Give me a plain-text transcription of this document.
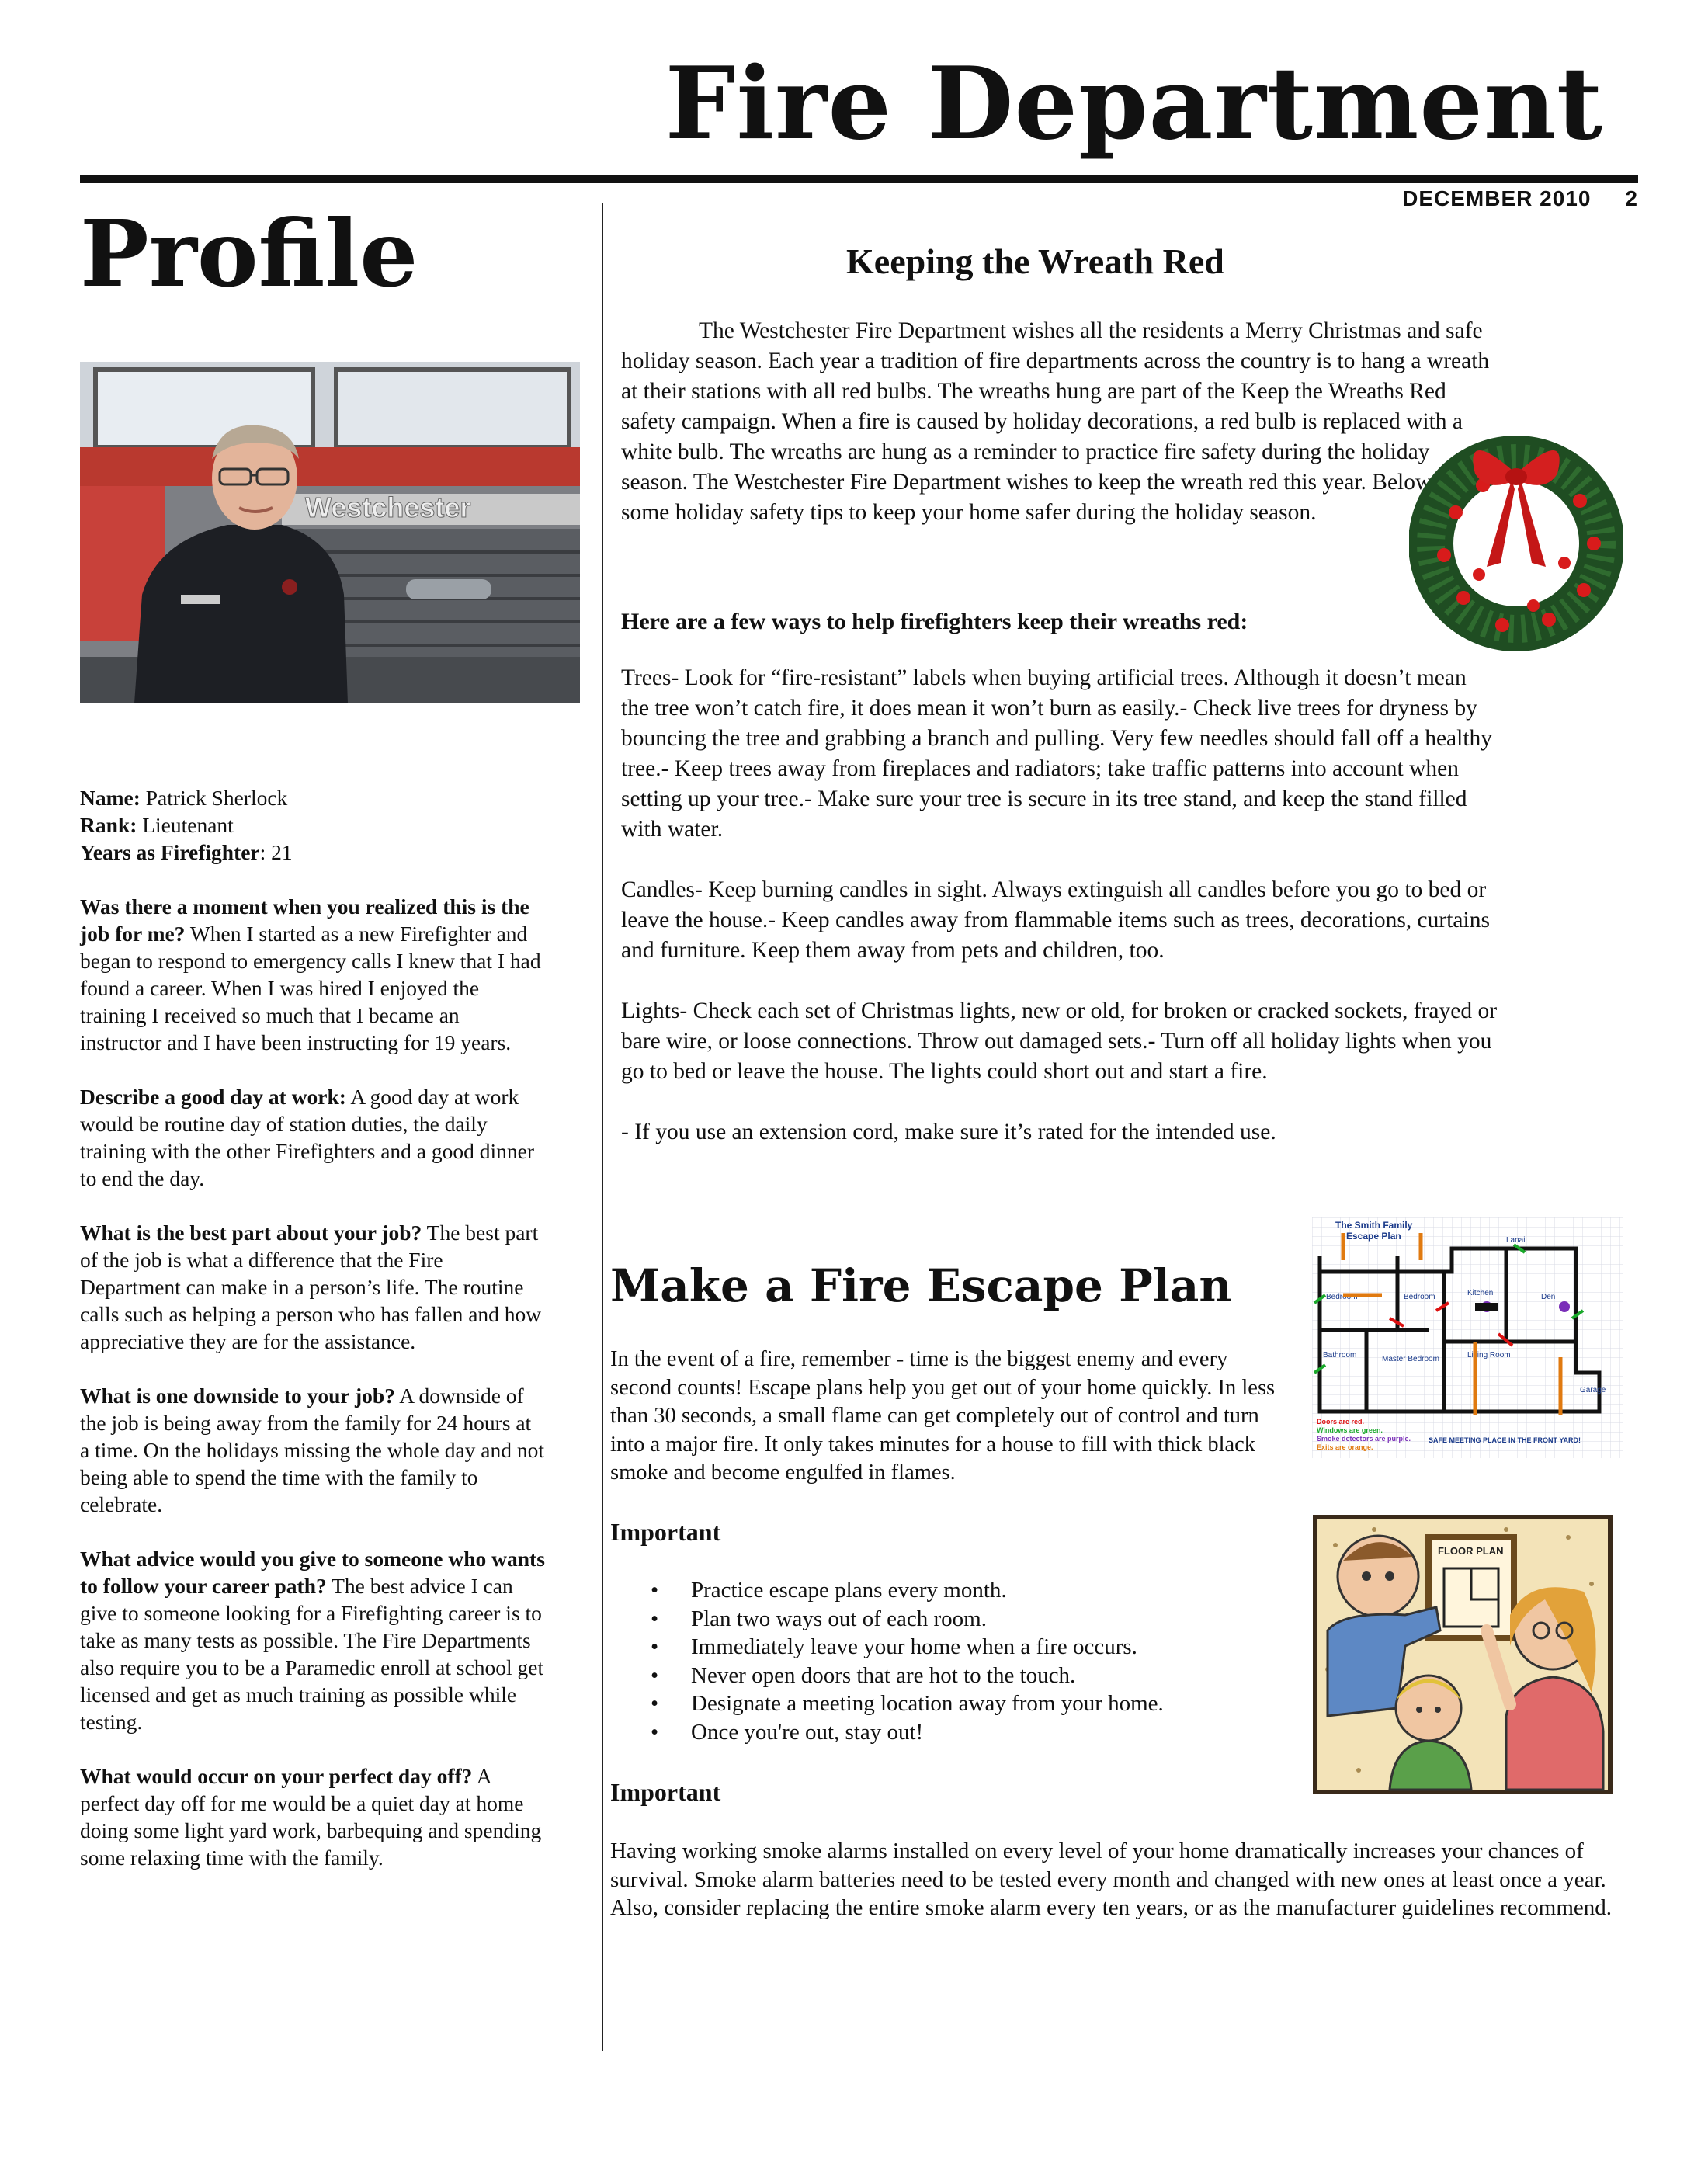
Fire Department
DECEMBER 2010 2
Profile
Westchester

Name: Patrick Sherlock

Rank: Lieutenant

Years as Firefighter: 21

Was there a moment when you realized this is the job for me? When I started as a new Firefighter and began to respond to emergency calls I knew that I had found a career. When I was hired I enjoyed the training I received so much that I became an instructor and I have been instructing for 19 years.

Describe a good day at work: A good day at work would be routine day of station duties, the daily training with the other Firefighters and a good dinner to end the day.

What is the best part about your job? The best part of the job is what a difference that the Fire Department can make in a person’s life. The routine calls such as helping a person who has fallen and how appreciative they are for the assistance.

What is one downside to your job? A downside of the job is being away from the family for 24 hours at a time. On the holidays missing the whole day and not being able to spend the time with the family to celebrate.

What advice would you give to someone who wants to follow your career path? The best advice I can give to someone looking for a Firefighting career is to take as many tests as possible. The Fire Departments also require you to be a Paramedic enroll at school get licensed and get as much training as possible while testing.

What would occur on your perfect day off? A perfect day off for me would be a quiet day at home doing some light yard work, barbequing and spending some relaxing time with the family.

Keeping the Wreath Red
The Westchester Fire Department wishes all the residents a Merry Christmas and safe holiday season. Each year a tradition of fire departments across the country is to hang a wreath at their stations with all red bulbs. The wreaths hung are part of the Keep the Wreaths Red safety campaign. When a fire is caused by holiday decorations, a red bulb is replaced with a white bulb. The wreaths are hung as a reminder to practice fire safety during the holiday season. The Westchester Fire Department wishes to keep the wreath red this year. Below are some holiday safety tips to keep your home safer during the holiday season.
Here are a few ways to help firefighters keep their wreaths red:

Trees- Look for “fire-resistant” labels when buying artificial trees. Although it doesn’t mean the tree won’t catch fire, it does mean it won’t burn as easily.- Check live trees for dryness by bouncing the tree and grabbing a branch and pulling. Very few needles should fall off a healthy tree.- Keep trees away from fireplaces and radiators; take traffic patterns into account when setting up your tree.- Make sure your tree is secure in its tree stand, and keep the stand filled with water.

Candles- Keep burning candles in sight. Always extinguish all candles before you go to bed or leave the house.- Keep candles away from flammable items such as trees, decorations, curtains and furniture. Keep them away from pets and children, too.

Lights- Check each set of Christmas lights, new or old, for broken or cracked sockets, frayed or bare wire, or loose connections. Throw out damaged sets.- Turn off all holiday lights when you go to bed or leave the house. The lights could short out and start a fire.

- If you use an extension cord, make sure it’s rated for the intended use.

Make a Fire Escape Plan
The Smith Family
Escape Plan
Bedroom	Bedroom	Kitchen	Den
Bathroom	Master Bedroom	Living Room
Garage
Lanai
Doors are red.
Windows are green.
Smoke detectors are purple.
Exits are orange.
SAFE MEETING PLACE IN THE FRONT YARD!
In the event of a fire, remember - time is the biggest enemy and every second counts! Escape plans help you get out of your home quickly. In less than 30 seconds, a small flame can get completely out of control and turn into a major fire. It only takes minutes for a house to fill with thick black smoke and become engulfed in flames.
Important
• Practice escape plans every month.
• Plan two ways out of each room.
• Immediately leave your home when a fire occurs.
• Never open doors that are hot to the touch.
• Designate a meeting location away from your home.
• Once you're out, stay out!
FLOOR PLAN
Important
Having working smoke alarms installed on every level of your home dramatically increases your chances of survival. Smoke alarm batteries need to be tested every month and changed with new ones at least once a year. Also, consider replacing the entire smoke alarm every ten years, or as the manufacturer guidelines recommend.
